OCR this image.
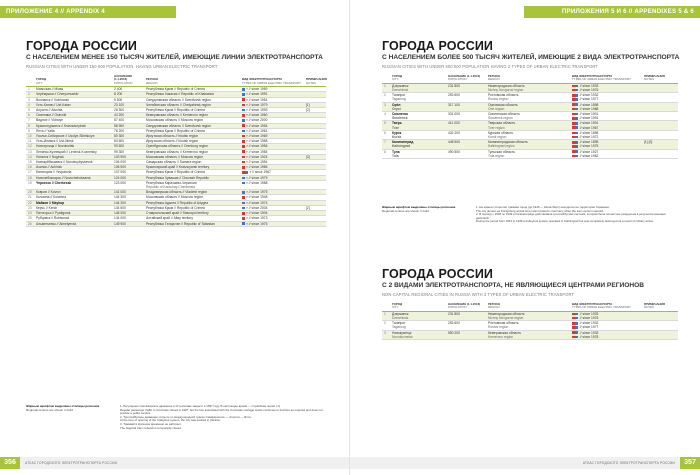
ПРИЛОЖЕНИЕ 4 // APPENDIX 4
ГОРОДА РОССИИ
С НАСЕЛЕНИЕМ МЕНЕЕ 150 ТЫСЯЧ ЖИТЕЛЕЙ, ИМЕЮЩИЕ ЛИНИИ ЭЛЕКТРОТРАНСПОРТА
RUSSIAN CITIES WITH UNDER 150 000 POPULATION, HAVING URBAN ELECTRIC TRANSPORT
	ГОРОД
CITY	НАСЕЛЕНИЕ (1.1.2016)
POPULATION	РЕГИОН
REGION	ВИД ЭЛЕКТРОТРАНСПОРТА
TYPES OF URBAN ELECTRIC TRANSPORT	ПРИМЕЧАНИЯ
NOTES

1	Миасская // Miass	2 400	Республика Крым // Republic of Crimea	т // since 1989	
2	Черёмушки // Cheryomushki	8 200	Республика Хакасия // Republic of Khakassia	т // since 1991	
3	Волчанск // Volchansk	9 500	Свердловская область // Sverdlovsk region	т // since 1951	
4	Усть-Катав // Ust-Katav	23 100	Челябинская область // Chelyabinsk region	т // since 1979	[1]
5	Алушта // Alushta	28 300	Республика Крым // Republic of Crimea	т // since 1993	[2]
6	Осинники // Osinniki	44 200	Кемеровская область // Kemerovo region	т // since 1960	
7	Видное // Vidnoye	57 400	Московская область // Moscow region	т // since 2000	
8	Краснотурьинск // Krasnoturyinsk	58 900	Свердловская область // Sverdlovsk region	т // since 1954	
9	Ялта // Yalta	78 200	Республика Крым // Republic of Crimea	т // since 1961	
10	Усолье-Сибирское // Usolye-Sibirskoye	80 300	Иркутская область // Irkutsk region	т // since 1969	
11	Усть-Илимск // Ust-Ilimsk	83 600	Иркутская область // Irkutsk region	т // since 1988	
12	Новотроицк // Novotroitsk	93 600	Оренбургская область // Orenburg region	т // since 1956	
13	Ленинск-Кузнецкий // Leninsk-Kuznetsky	99 300	Кемеровская область // Kemerovo region	т // since 1984	
14	Ногинск // Noginsk	103 900	Московская область // Moscow region	т // since 1924	[3]
15	Новокуйбышевск // Novokuybyshevsk	106 000	Самарская область // Samara region	т // since 1954	
16	Ачинск // Achinsk	106 500	Красноярский край // Krasnoyarsk territory	т // since 1986	
17	Евпатория // Yevpatoria	107 000	Республика Крым // Republic of Crimea	т // since 1967	
18	Новочебоксарск // Novocheboksarsk	124 000	Республика Чувашия // Chuvash Republic	т // since 1979	
19	Черкесск // Cherkessk	123 000	Республика Карачаево-Черкесия
Republic of Karachay-Cherkessia	т // since 1988	
20	Ковров // Kovrov	141 000	Владимирская область // Vladimir region	т // since 1975	
21	Коломна // Kolomna	144 300	Московская область // Moscow region	т // since 1948	
22	Майкоп // Maykop	144 300	Республика Адыгея // Republic of Adygea	т // since 1974	
23	Керчь // Kerch	144 600	Республика Крым // Republic of Crimea	т // since 2004	[2]
24	Пятигорск // Pyatigorsk	146 000	Ставропольский край // Stavropol territory	т // since 1904	
25	Рубцовск // Rubtsovsk	144 000	Алтайский край // Altay territory	т // since 1973	
26	Альметьевск // Almetyevsk	149 900	Республика Татарстан // Republic of Tatarstan	т // since 1976	
Жирным шрифтом выделены столицы регионов
Regional centres are shown in bold
1. Регулярное пассажирское движение в Усть-Катаве закрыто в 1997 году. В настоящее время — служебная линия. [1]
Regular passenger traffic in Ust-Katav closed in 1997, but the line associated with the Ust-Katav carriage works continues to function as required and does not provide a public service.
2. Троллейбусное движение открыто по междугородной трассе Симферополь — Алушта — Ялта.
At the time of opening of the trolleybus system, the city was located in Ukraine.
3. Трамвай в Ногинске временно не работает.
The Noginsk tram network is temporarily closed.
356	АТЛАС ГОРОДСКОГО ЭЛЕКТРОТРАНСПОРТА РОССИИ
ПРИЛОЖЕНИЯ 5 И 6 // APPENDIXES 5 & 6
ГОРОДА РОССИИ
С НАСЕЛЕНИЕМ БОЛЕЕ 500 ТЫСЯЧ ЖИТЕЛЕЙ, ИМЕЮЩИЕ 2 ВИДА ЭЛЕКТРОТРАНСПОРТА
RUSSIAN CITIES WITH UNDER 500 000 POPULATION HAVING 2 TYPES OF URBAN ELECTRIC TRANSPORT
	ГОРОД
CITY	НАСЕЛЕНИЕ (1.1.2016)
POPULATION	РЕГИОН
REGION	ВИД ЭЛЕКТРОТРАНСПОРТА
TYPES OF URBAN ELECTRIC TRANSPORT	ПРИМЕЧАНИЯ
NOTES

1	Дзержинск
Dzerzhinsk	231 800	Нижегородская область
Nizhny Novgorod region	// since 1933
// since 1976	

2	Таганрог
Taganrog	253 600	Ростовская область
Rostov region	// since 1932
// since 1977	

3	Орёл
Oryol	317 100	Орловская область
Orel region	// since 1898
// since 1968	

4	Смоленск
Smolensk	331 000	Смоленская область
Smolensk region	// since 1901
// since 1991	

5	Тверь
Tver	411 000	Тверская область
Tver region	// since 1901
// since 1967	

6	Курск
Kursk	432 200	Курская область
Kursk region	// since 1898
// since 1972	

7	Калининград
Kaliningrad	448 500	Калининградская область
Kaliningrad region	// since 1895
// since 1975	[1] [2]
8	Тула
Tula	490 500	Тульская область
Tula region	// since 1927
// since 1962	

Жирным шрифтом выделены столицы регионов
Regional centres are shown in bold
1. На момент открытия трамвая город (до 1946 — Кёнигсберг) находился на территории Германии.
The city (known as Königsberg at that time) was located in Germany when the tram system opened.
2. В период с 1945 по 1949 в Калининграде действовала троллейбусная система, которая была полностью разрушена в результате военных действий.
During the period from 1943 to 1945 a trolleybus system operated in Kaliningrad but was completely destroyed as a result of military action.
ГОРОДА РОССИИ
С 2 ВИДАМИ ЭЛЕКТРОТРАНСПОРТА, НЕ ЯВЛЯЮЩИЕСЯ ЦЕНТРАМИ РЕГИОНОВ
NON-CAPITAL REGIONAL CITIES IN RUSSIA WITH 2 TYPES OF URBAN ELECTRIC TRANSPORT
	ГОРОД
CITY	НАСЕЛЕНИЕ (1.1.2016)
POPULATION	РЕГИОН
REGION	ВИД ЭЛЕКТРОТРАНСПОРТА
TYPES OF URBAN ELECTRIC TRANSPORT	ПРИМЕЧАНИЯ
NOTES

1	Дзержинск
Dzerzhinsk	231 800	Нижегородская область
Nizhny Novgorod region	// since 1933
// since 1976	

2	Таганрог
Taganrog	253 600	Ростовская область
Rostov region	// since 1932
// since 1977	

3	Новокузнецк
Novokuznetsk	550 200	Кемеровская область
Kemerovo region	// since 1933
// since 1978	

АТЛАС ГОРОДСКОГО ЭЛЕКТРОТРАНСПОРТА РОССИИ	357
